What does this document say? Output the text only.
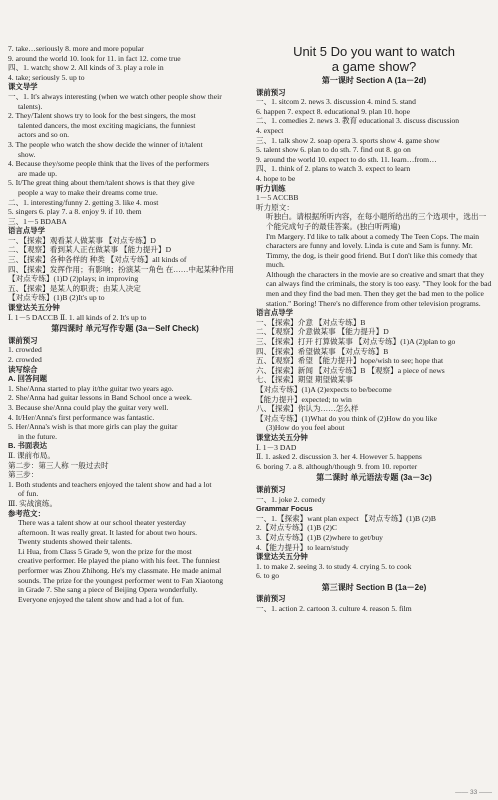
7. take…seriously 8. more and more popular
9. around the world 10. look for 11. in fact 12. come true
四、1. watch; show 2. All kinds of 3. play a role in
4. take; seriously 5. up to
课文导学
一、1. It's always interesting (when we watch other people show their
talents).
2. They/Talent shows try to look for the best singers, the most
talented dancers, the most exciting magicians, the funniest
actors and so on.
3. The people who watch the show decide the winner of it/talent
show.
4. Because they/some people think that the lives of the performers
are made up.
5. It/The great thing about them/talent shows is that they give
people a way to make their dreams come true.
二、1. interesting/funny 2. getting 3. like 4. most
5. singers 6. play 7. a 8. enjoy 9. if 10. them
三、1－5 BDABA
语言点导学
一、【探索】观看某人做某事 【对点专练】D
二、【观察】看到某人正在做某事 【能力提升】D
三、【探索】各种各样的 种类 【对点专练】all kinds of
四、【探索】发挥作用；有影响；扮演某一角色 在……中起某种作用
【对点专练】(1)D (2)plays; in improving
五、【探索】是某人的职责；由某人决定
【对点专练】(1)B (2)It's up to
课堂达关五分钟
Ⅰ. 1－5 DACCB Ⅱ. 1. all kinds of 2. It's up to
第四课时 单元写作专题 (3a－Self Check)
课前预习
1. crowded
2. crowded
读写综合
A. 回答问题
1. She/Anna started to play it/the guitar two years ago.
2. She/Anna had guitar lessons in Band School once a week.
3. Because she/Anna could play the guitar very well.
4. It/Her/Anna's first performance was fantastic.
5. Her/Anna's wish is that more girls can play the guitar
in the future.
B. 书面表达
Ⅱ. 课前布局。
第二步：第三人称 一般过去时
第三步：
1. Both students and teachers enjoyed the talent show and had a lot
of fun.
Ⅲ. 实战演练。
参考范文：
There was a talent show at our school theater yesterday
afternoon. It was really great. It lasted for about two hours.
Twenty students showed their talents.
Li Hua, from Class 5 Grade 9, won the prize for the most
creative performer. He played the piano with his feet. The funniest
performer was Zhou Zhihong. He's my classmate. He made animal
sounds. The prize for the youngest performer went to Fan Xiaotong
in Grade 7. She sang a piece of Beijing Opera wonderfully.
Everyone enjoyed the talent show and had a lot of fun.
Unit 5 Do you want to watch
a game show?
第一课时 Section A (1a－2d)
课前预习
一、1. sitcom 2. news 3. discussion 4. mind 5. stand
6. happen 7. expect 8. educational 9. plan 10. hope
二、1. comedies 2. news 3. 教育 educational 3. discuss discussion
4. expect
三、1. talk show 2. soap opera 3. sports show 4. game show
5. talent show 6. plan to do sth. 7. find out 8. go on
9. around the world 10. expect to do sth. 11. learn…from…
四、1. think of 2. plans to watch 3. expect to learn
4. hope to be
听力训练
1－5 ACCBB
听力原文：
听独白。请根据所听内容，在每小题所给出的三个选项中，选出一个能完成句子的最佳答案。(独白听两遍)
I'm Margery. I'd like to talk about a comedy The Teen Cops. The main characters are funny and lovely. Linda is cute and Sam is funny. Mr. Timmy, the dog, is their good friend. But I don't like this comedy that much.
Although the characters in the movie are so creative and smart that they can always find the criminals, the story is too easy. "They look for the bad men and they find the bad men. Then they get the bad men to the police station." Boring! There's no difference from other television programs.
语言点导学
一、【探索】介意 【对点专练】B
二、【观察】介意做某事 【能力提升】D
三、【探索】打开 打算做某事 【对点专练】(1)A (2)plan to go
四、【探索】希望做某事 【对点专练】B
五、【观察】希望 【能力提升】hope/wish to see; hope that
六、【探索】新闻 【对点专练】B 【观察】a piece of news
七、【探索】期望 期望做某事
【对点专练】(1)A (2)expects to be/become
【能力提升】expected; to win
八、【探索】你认为……怎么样
【对点专练】(1)What do you think of (2)How do you like
(3)How do you feel about
课堂达关五分钟
Ⅰ. 1－3 DAD
Ⅱ. 1. asked 2. discussion 3. her 4. However 5. happens
6. boring 7. a 8. although/though 9. from 10. reporter
第二课时 单元语法专题 (3a－3c)
课前预习
一、1. joke 2. comedy
Grammar Focus
一、1.【探索】want plan expect 【对点专练】(1)B (2)B
2.【对点专练】(1)B (2)C
3.【对点专练】(1)B (2)where to get/buy
4.【能力提升】to learn/study
课堂达关五分钟
1. to make 2. seeing 3. to study 4. crying 5. to cook
6. to go
第三课时 Section B (1a－2e)
课前预习
一、1. action 2. cartoon 3. culture 4. reason 5. film
—— 33 ——
